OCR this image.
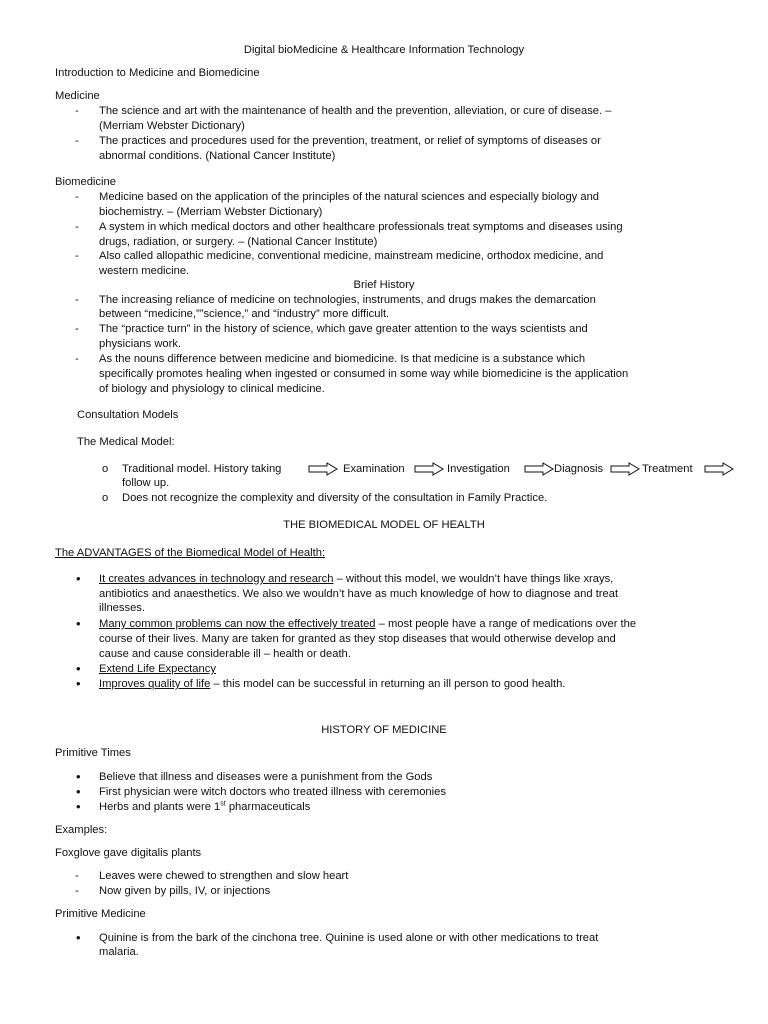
Digital bioMedicine & Healthcare Information Technology
Introduction to Medicine and Biomedicine
Medicine
-	The science and art with the maintenance of health and the prevention, alleviation, or cure of disease. –
(Merriam Webster Dictionary)
-	The practices and procedures used for the prevention, treatment, or relief of symptoms of diseases or
abnormal conditions. (National Cancer Institute)
Biomedicine
-	Medicine based on the application of the principles of the natural sciences and especially biology and
biochemistry. – (Merriam Webster Dictionary)
-	A system in which medical doctors and other healthcare professionals treat symptoms and diseases using
drugs, radiation, or surgery. – (National Cancer Institute)
-	Also called allopathic medicine, conventional medicine, mainstream medicine, orthodox medicine, and
western medicine.
Brief History
-	The increasing reliance of medicine on technologies, instruments, and drugs makes the demarcation
between “medicine,””science,” and “industry” more difficult.
-	The “practice turn” in the history of science, which gave greater attention to the ways scientists and
physicians work.
-	As the nouns difference between medicine and biomedicine. Is that medicine is a substance which
specifically promotes healing when ingested or consumed in some way while biomedicine is the application
of biology and physiology to clinical medicine.
Consultation Models
The Medical Model:
o Traditional model. History taking	Examination	Investigation	Diagnosis	Treatment
follow up.
o Does not recognize the complexity and diversity of the consultation in Family Practice.
THE BIOMEDICAL MODEL OF HEALTH
The ADVANTAGES of the Biomedical Model of Health:
• It creates advances in technology and research – without this model, we wouldn’t have things like xrays,
antibiotics and anaesthetics. We also we wouldn’t have as much knowledge of how to diagnose and treat
illnesses.
• Many common problems can now the effectively treated – most people have a range of medications over the
course of their lives. Many are taken for granted as they stop diseases that would otherwise develop and
cause and cause considerable ill – health or death.
• Extend Life Expectancy
• Improves quality of life – this model can be successful in returning an ill person to good health.
HISTORY OF MEDICINE
Primitive Times
• Believe that illness and diseases were a punishment from the Gods
• First physician were witch doctors who treated illness with ceremonies
• Herbs and plants were 1st pharmaceuticals
Examples:
Foxglove gave digitalis plants
-	Leaves were chewed to strengthen and slow heart
-	Now given by pills, IV, or injections
Primitive Medicine
• Quinine is from the bark of the cinchona tree. Quinine is used alone or with other medications to treat
malaria.
